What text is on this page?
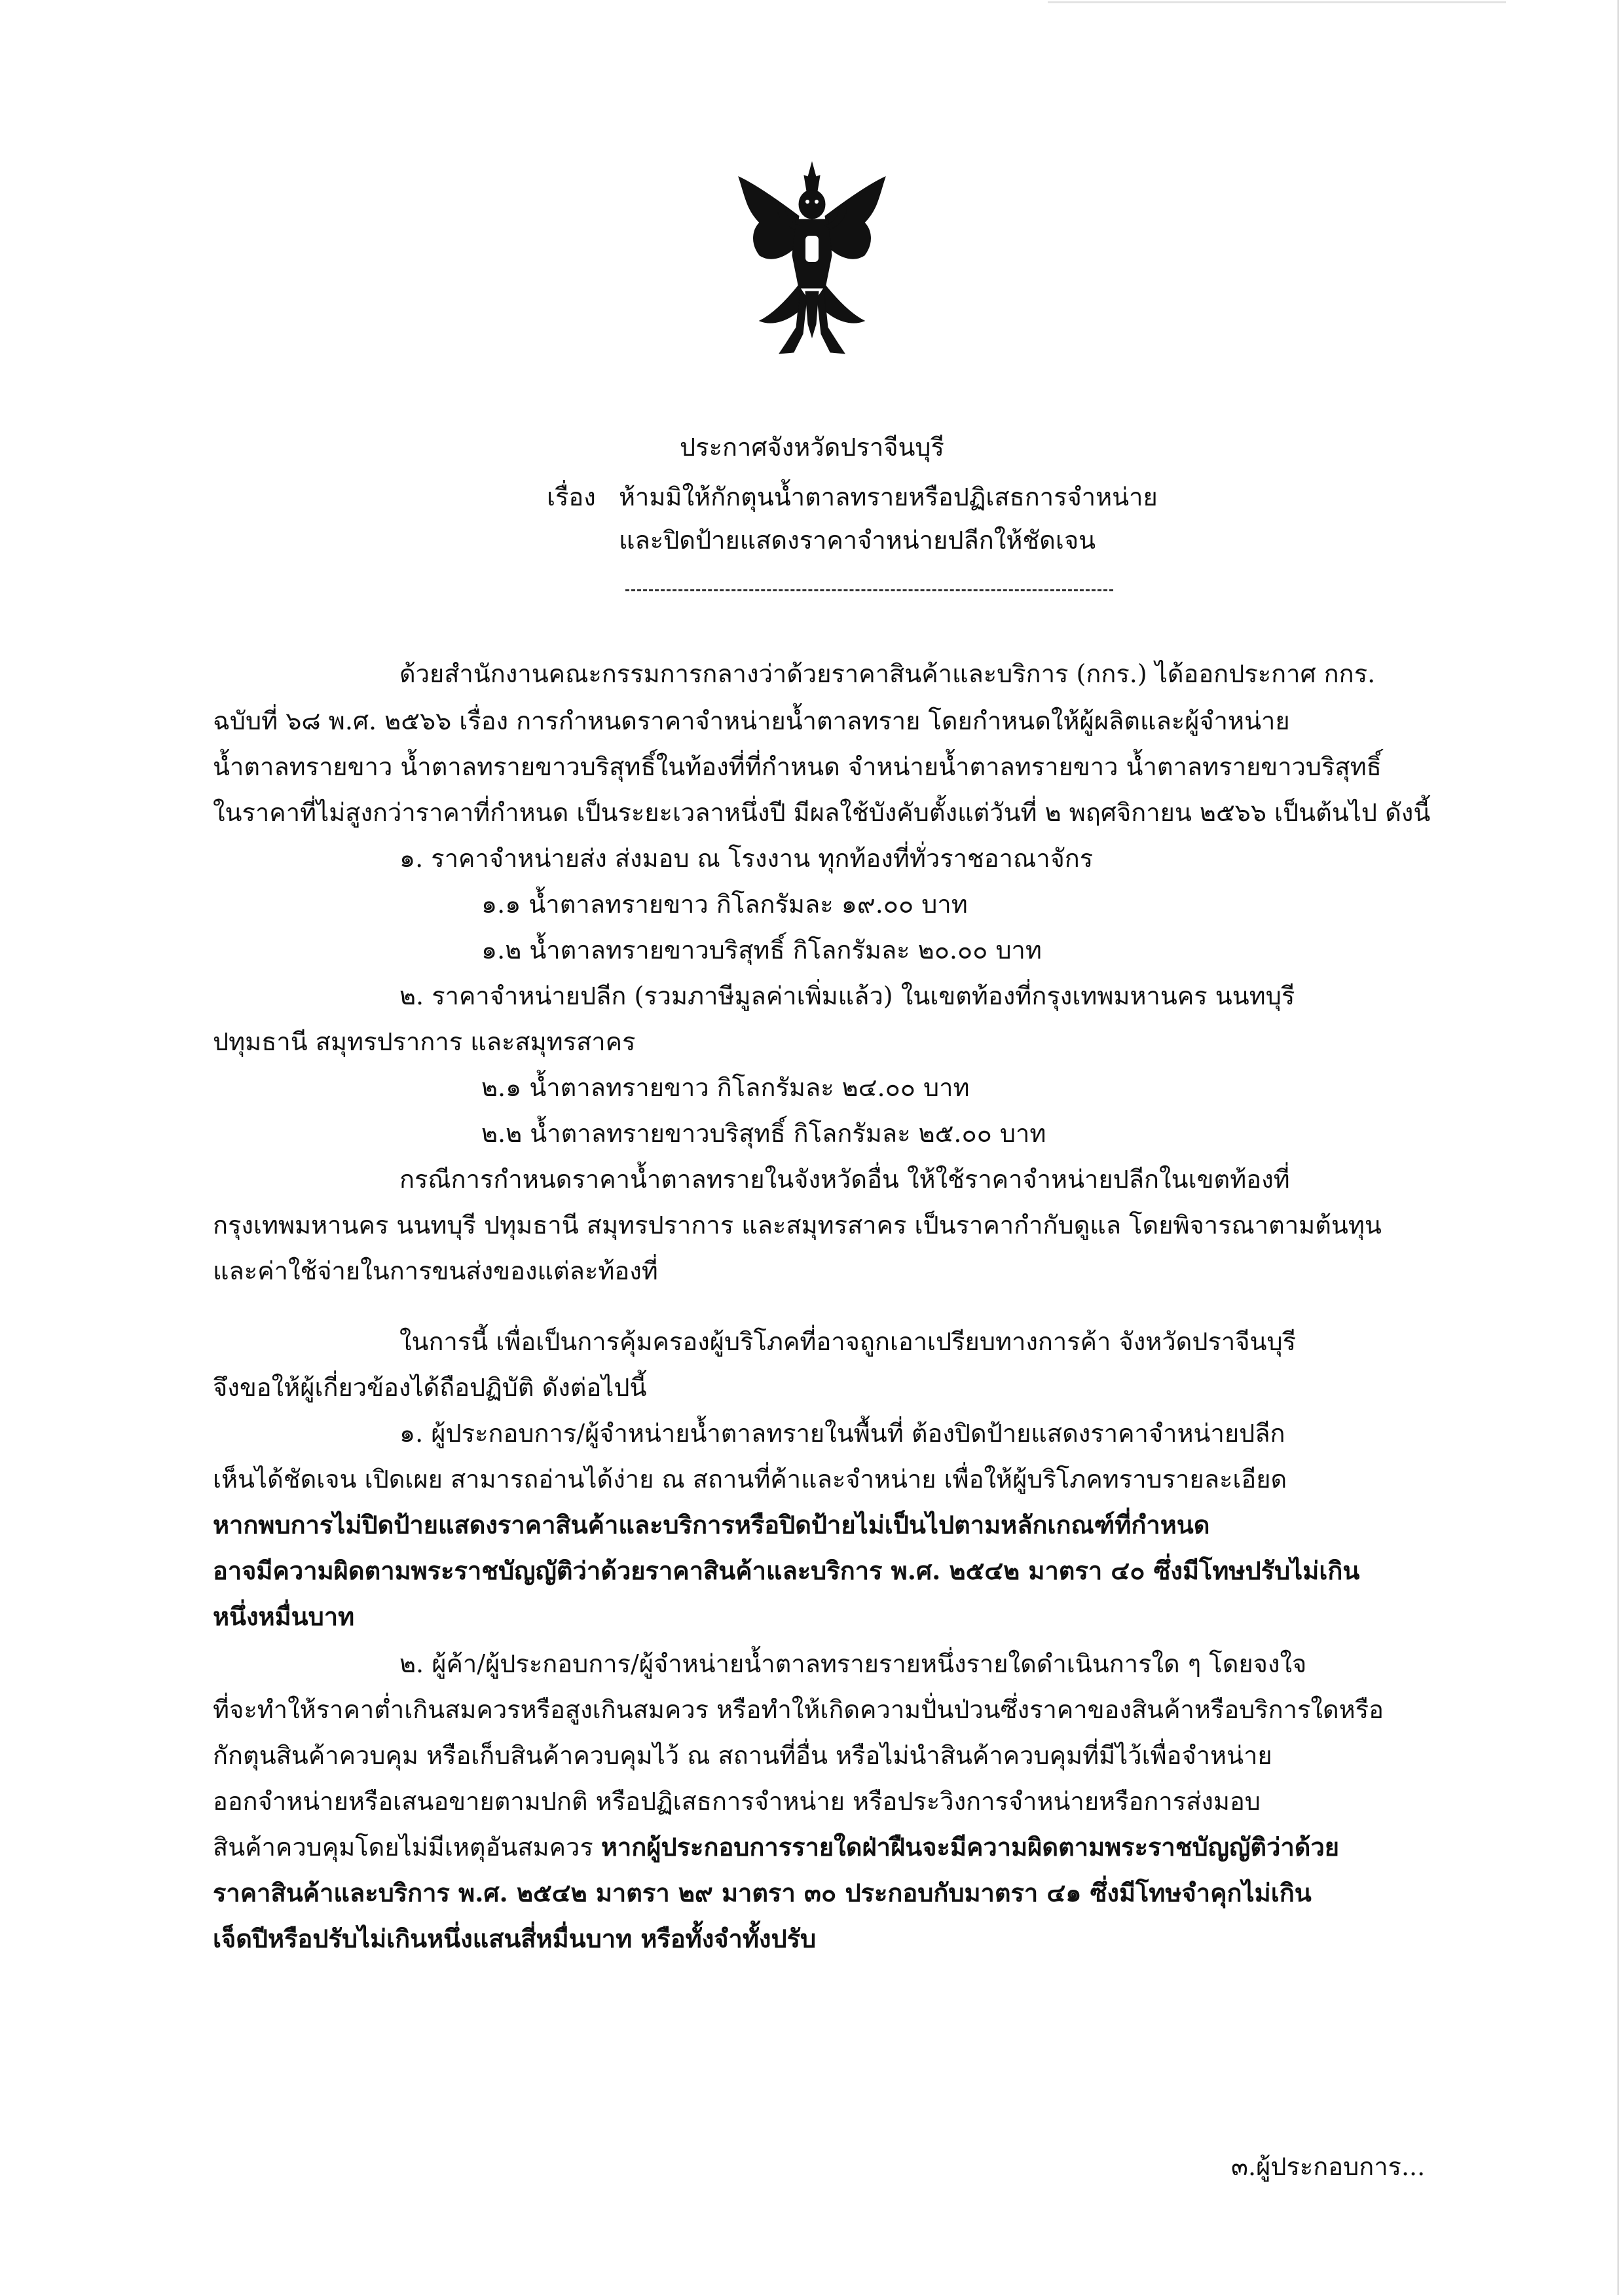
ประกาศจังหวัดปราจีนบุรี
เรื่อง ห้ามมิให้กักตุนน้ำตาลทรายหรือปฏิเสธการจำหน่าย
และปิดป้ายแสดงราคาจำหน่ายปลีกให้ชัดเจน
ด้วยสำนักงานคณะกรรมการกลางว่าด้วยราคาสินค้าและบริการ (กกร.) ได้ออกประกาศ กกร.
ฉบับที่ ๖๘ พ.ศ. ๒๕๖๖ เรื่อง การกำหนดราคาจำหน่ายน้ำตาลทราย โดยกำหนดให้ผู้ผลิตและผู้จำหน่าย
น้ำตาลทรายขาว น้ำตาลทรายขาวบริสุทธิ์ในท้องที่ที่กำหนด จำหน่ายน้ำตาลทรายขาว น้ำตาลทรายขาวบริสุทธิ์
ในราคาที่ไม่สูงกว่าราคาที่กำหนด เป็นระยะเวลาหนึ่งปี มีผลใช้บังคับตั้งแต่วันที่ ๒ พฤศจิกายน ๒๕๖๖ เป็นต้นไป ดังนี้
๑. ราคาจำหน่ายส่ง ส่งมอบ ณ โรงงาน ทุกท้องที่ทั่วราชอาณาจักร
๑.๑ น้ำตาลทรายขาว กิโลกรัมละ ๑๙.๐๐ บาท
๑.๒ น้ำตาลทรายขาวบริสุทธิ์ กิโลกรัมละ ๒๐.๐๐ บาท
๒. ราคาจำหน่ายปลีก (รวมภาษีมูลค่าเพิ่มแล้ว) ในเขตท้องที่กรุงเทพมหานคร นนทบุรี
ปทุมธานี สมุทรปราการ และสมุทรสาคร
๒.๑ น้ำตาลทรายขาว กิโลกรัมละ ๒๔.๐๐ บาท
๒.๒ น้ำตาลทรายขาวบริสุทธิ์ กิโลกรัมละ ๒๕.๐๐ บาท
กรณีการกำหนดราคาน้ำตาลทรายในจังหวัดอื่น ให้ใช้ราคาจำหน่ายปลีกในเขตท้องที่
กรุงเทพมหานคร นนทบุรี ปทุมธานี สมุทรปราการ และสมุทรสาคร เป็นราคากำกับดูแล โดยพิจารณาตามต้นทุน
และค่าใช้จ่ายในการขนส่งของแต่ละท้องที่
ในการนี้ เพื่อเป็นการคุ้มครองผู้บริโภคที่อาจถูกเอาเปรียบทางการค้า จังหวัดปราจีนบุรี
จึงขอให้ผู้เกี่ยวข้องได้ถือปฏิบัติ ดังต่อไปนี้
๑. ผู้ประกอบการ/ผู้จำหน่ายน้ำตาลทรายในพื้นที่ ต้องปิดป้ายแสดงราคาจำหน่ายปลีก
เห็นได้ชัดเจน เปิดเผย สามารถอ่านได้ง่าย ณ สถานที่ค้าและจำหน่าย เพื่อให้ผู้บริโภคทราบรายละเอียด
หากพบการไม่ปิดป้ายแสดงราคาสินค้าและบริการหรือปิดป้ายไม่เป็นไปตามหลักเกณฑ์ที่กำหนด
อาจมีความผิดตามพระราชบัญญัติว่าด้วยราคาสินค้าและบริการ พ.ศ. ๒๕๔๒ มาตรา ๔๐ ซึ่งมีโทษปรับไม่เกิน
หนึ่งหมื่นบาท
๒. ผู้ค้า/ผู้ประกอบการ/ผู้จำหน่ายน้ำตาลทรายรายหนึ่งรายใดดำเนินการใด ๆ โดยจงใจ
ที่จะทำให้ราคาต่ำเกินสมควรหรือสูงเกินสมควร หรือทำให้เกิดความปั่นป่วนซึ่งราคาของสินค้าหรือบริการใดหรือ
กักตุนสินค้าควบคุม หรือเก็บสินค้าควบคุมไว้ ณ สถานที่อื่น หรือไม่นำสินค้าควบคุมที่มีไว้เพื่อจำหน่าย
ออกจำหน่ายหรือเสนอขายตามปกติ หรือปฏิเสธการจำหน่าย หรือประวิงการจำหน่ายหรือการส่งมอบ
สินค้าควบคุมโดยไม่มีเหตุอันสมควร หากผู้ประกอบการรายใดฝ่าฝืนจะมีความผิดตามพระราชบัญญัติว่าด้วย
ราคาสินค้าและบริการ พ.ศ. ๒๕๔๒ มาตรา ๒๙ มาตรา ๓๐ ประกอบกับมาตรา ๔๑ ซึ่งมีโทษจำคุกไม่เกิน
เจ็ดปีหรือปรับไม่เกินหนึ่งแสนสี่หมื่นบาท หรือทั้งจำทั้งปรับ
๓.ผู้ประกอบการ...
